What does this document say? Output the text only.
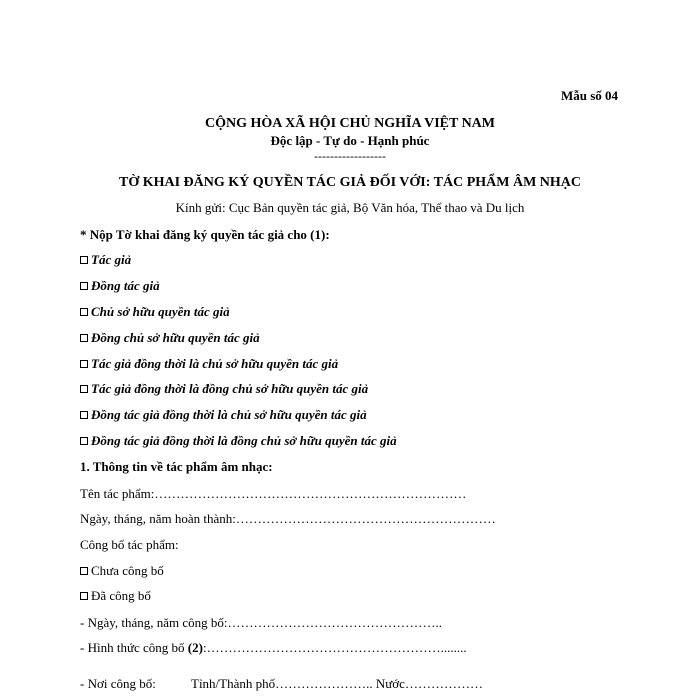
Mẫu số 04
CỘNG HÒA XÃ HỘI CHỦ NGHĨA VIỆT NAM
Độc lập - Tự do - Hạnh phúc
------------------
TỜ KHAI ĐĂNG KÝ QUYỀN TÁC GIẢ ĐỐI VỚI: TÁC PHẨM ÂM NHẠC
Kính gửi: Cục Bản quyền tác giả, Bộ Văn hóa, Thể thao và Du lịch
* Nộp Tờ khai đăng ký quyền tác giả cho (1):
Tác giả
Đồng tác giả
Chủ sở hữu quyền tác giả
Đồng chủ sở hữu quyền tác giả
Tác giả đồng thời là chủ sở hữu quyền tác giả
Tác giả đồng thời là đồng chủ sở hữu quyền tác giả
Đồng tác giả đồng thời là chủ sở hữu quyền tác giả
Đồng tác giả đồng thời là đồng chủ sở hữu quyền tác giả
1. Thông tin về tác phẩm âm nhạc:
Tên tác phẩm:………………………………………………………………
Ngày, tháng, năm hoàn thành:……………………………………………………
Công bố tác phẩm:
Chưa công bố
Đã công bố
- Ngày, tháng, năm công bố:…………………………………………..
- Hình thức công bố (2):………………………………………………........
- Nơi công bố:	Tỉnh/Thành phố………………….. Nước………………
